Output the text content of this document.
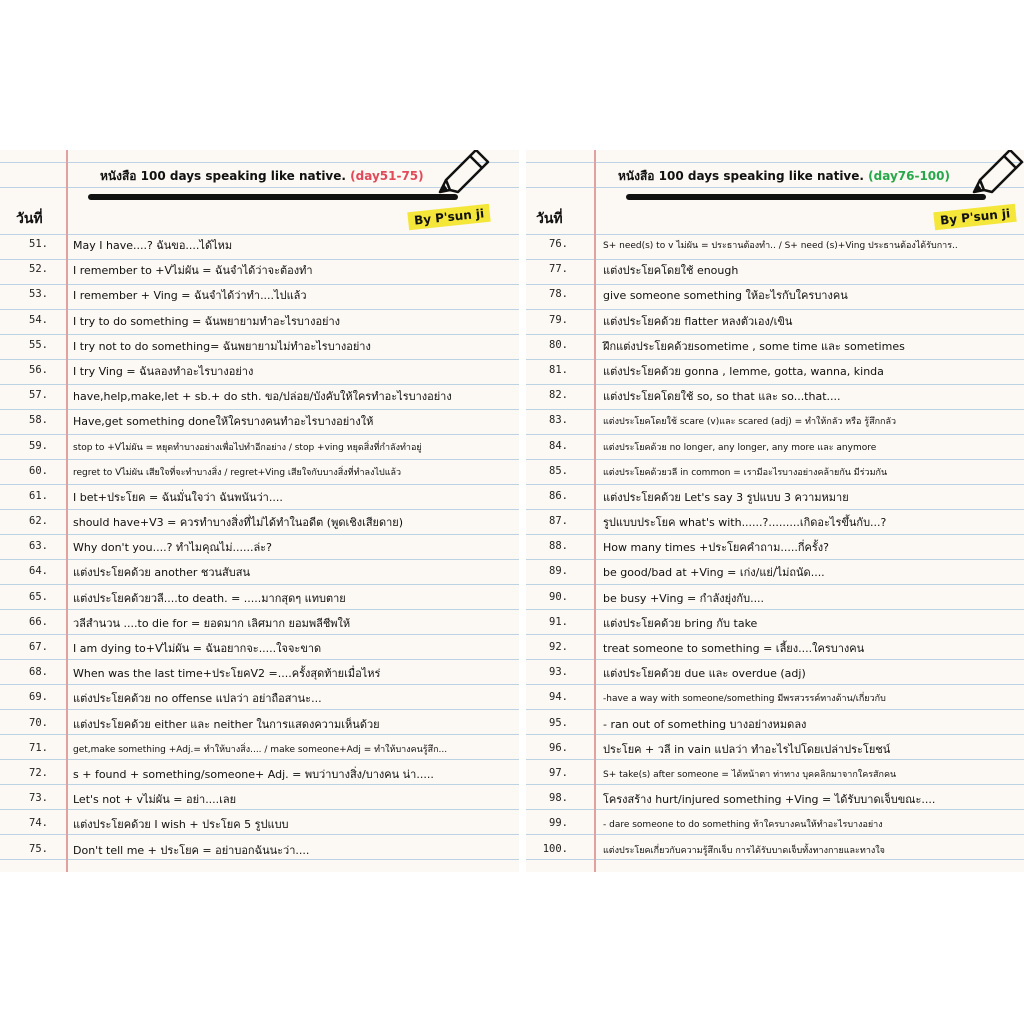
หนังสือ 100 days speaking like native. (day51-75)
By P'sun ji
วันที่
51. May I have....? ฉันขอ....ได้ไหม
52. I remember to +Vไม่ผัน = ฉันจำได้ว่าจะต้องทำ
53. I remember + Ving = ฉันจำได้ว่าทำ....ไปแล้ว
54. I try to do something = ฉันพยายามทำอะไรบางอย่าง
55. I try not to do something= ฉันพยายามไม่ทำอะไรบางอย่าง
56. I try Ving = ฉันลองทำอะไรบางอย่าง
57. have,help,make,let + sb.+ do sth. ขอ/ปล่อย/บังคับให้ใครทำอะไรบางอย่าง
58. Have,get something doneให้ใครบางคนทำอะไรบางอย่างให้
59.	stop to +Vไม่ผัน = หยุดทำบางอย่างเพื่อไปทำอีกอย่าง / stop +ving หยุดสิ่งที่กำลังทำอยู่
60.	regret to Vไม่ผัน เสียใจที่จะทำบางสิ่ง / regret+Ving เสียใจกับบางสิ่งที่ทำลงไปแล้ว
61. I bet+ประโยค = ฉันมั่นใจว่า ฉันพนันว่า....
62. should have+V3 = ควรทำบางสิ่งที่ไม่ได้ทำในอดีต (พูดเชิงเสียดาย)
63. Why don't you....? ทำไมคุณไม่......ล่ะ?
64. แต่งประโยคด้วย another ชวนสับสน
65. แต่งประโยคด้วยวลี....to death. = .....มากสุดๆ แทบตาย
66. วลีสำนวน ....to die for = ยอดมาก เลิศมาก ยอมพลีชีพให้
67. I am dying to+Vไม่ผัน = ฉันอยากจะ.....ใจจะขาด
68. When was the last time+ประโยคV2 =....ครั้งสุดท้ายเมื่อไหร่
69. แต่งประโยคด้วย no offense แปลว่า อย่าถือสานะ...
70. แต่งประโยคด้วย either และ neither ในการแสดงความเห็นด้วย
71.	get,make something +Adj.= ทำให้บางสิ่ง.... / make someone+Adj = ทำให้บางคนรู้สึก...
72. s + found + something/someone+ Adj. = พบว่าบางสิ่ง/บางคน น่า.....
73. Let's not + vไม่ผัน = อย่า....เลย
74. แต่งประโยคด้วย I wish + ประโยค 5 รูปแบบ
75. Don't tell me + ประโยค = อย่าบอกฉันนะว่า....
หนังสือ 100 days speaking like native. (day76-100)
By P'sun ji
วันที่
76.	S+ need(s) to v ไม่ผัน = ประธานต้องทำ.. / S+ need (s)+Ving ประธานต้องได้รับการ..
77.	แต่งประโยคโดยใช้ enough
78.	give someone something ให้อะไรกับใครบางคน
79.	แต่งประโยคด้วย flatter หลงตัวเอง/เขิน
80.	ฝึกแต่งประโยคด้วยsometime , some time และ sometimes
81.	แต่งประโยคด้วย gonna , lemme, gotta, wanna, kinda
82.	แต่งประโยคโดยใช้ so, so that และ so...that....
83.	แต่งประโยคโดยใช้ scare (v)และ scared (adj) = ทำให้กลัว หรือ รู้สึกกลัว
84.	แต่งประโยคด้วย no longer, any longer, any more และ anymore
85.	แต่งประโยคด้วยวลี in common = เรามีอะไรบางอย่างคล้ายกัน มีร่วมกัน
86.	แต่งประโยคด้วย Let's say 3 รูปแบบ 3 ความหมาย
87.	รูปแบบประโยค what's with......?.........เกิดอะไรขึ้นกับ...?
88.	How many times +ประโยคคำถาม.....กี่ครั้ง?
89.	be good/bad at +Ving = เก่ง/แย่/ไม่ถนัด....
90.	be busy +Ving = กำลังยุ่งกับ....
91.	แต่งประโยคด้วย bring กับ take
92.	treat someone to something = เลี้ยง....ใครบางคน
93.	แต่งประโยคด้วย due และ overdue (adj)
94.	-have a way with someone/something มีพรสวรรค์ทางด้าน/เกี่ยวกับ
95.	- ran out of something บางอย่างหมดลง
96.	ประโยค + วลี in vain แปลว่า ทำอะไรไปโดยเปล่าประโยชน์
97.	S+ take(s) after someone = ได้หน้าตา ท่าทาง บุคคลิกมาจากใครสักคน
98.	โครงสร้าง hurt/injured something +Ving = ได้รับบาดเจ็บขณะ....
99.	- dare someone to do something ท้าใครบางคนให้ทำอะไรบางอย่าง
100.	แต่งประโยคเกี่ยวกับความรู้สึกเจ็บ การได้รับบาดเจ็บทั้งทางกายและทางใจ
